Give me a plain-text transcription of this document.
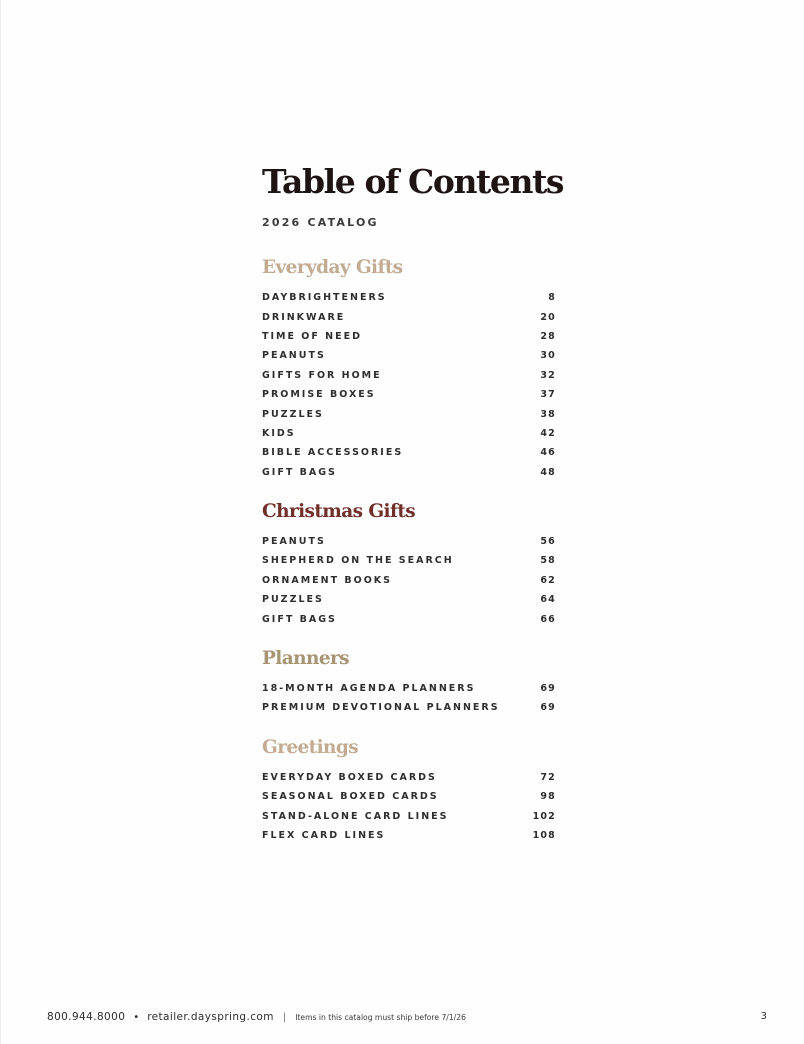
Table of Contents
2026 CATALOG
Everyday Gifts
DAYBRIGHTENERS	8
DRINKWARE	20
TIME OF NEED	28
PEANUTS	30
GIFTS FOR HOME	32
PROMISE BOXES	37
PUZZLES	38
KIDS	42
BIBLE ACCESSORIES	46
GIFT BAGS	48
Christmas Gifts
PEANUTS	56
SHEPHERD ON THE SEARCH	58
ORNAMENT BOOKS	62
PUZZLES	64
GIFT BAGS	66
Planners
18-MONTH AGENDA PLANNERS	69
PREMIUM DEVOTIONAL PLANNERS	69
Greetings
EVERYDAY BOXED CARDS	72
SEASONAL BOXED CARDS	98
STAND-ALONE CARD LINES	102
FLEX CARD LINES	108
800.944.8000 • retailer.dayspring.com | Items in this catalog must ship before 7/1/26	3
